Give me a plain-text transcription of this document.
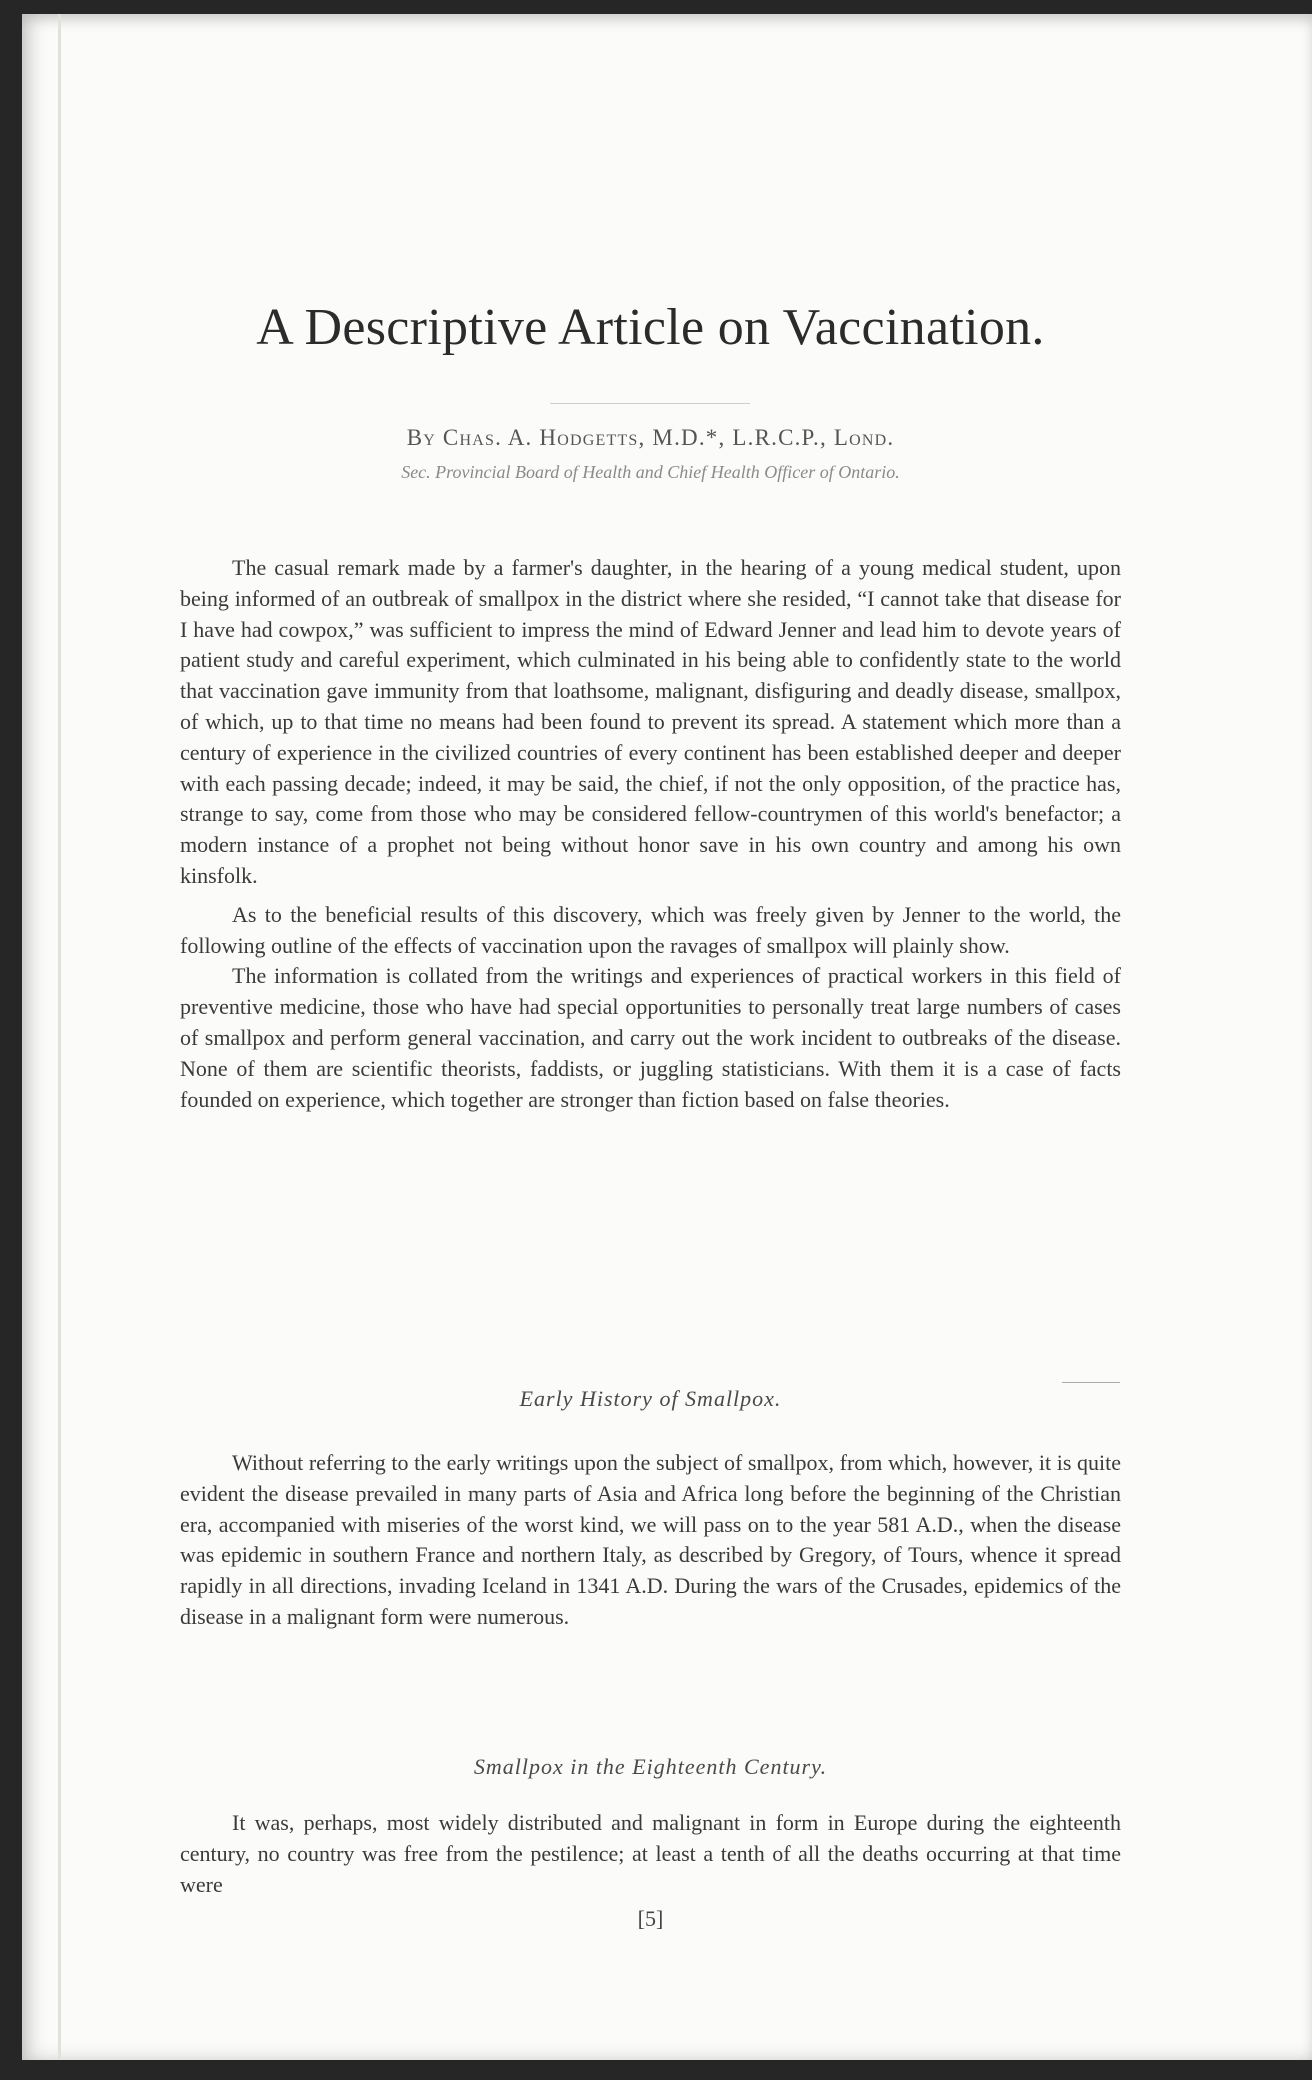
A Descriptive Article on Vaccination.
By Chas. A. Hodgetts, M.D.*, L.R.C.P., Lond.
Sec. Provincial Board of Health and Chief Health Officer of Ontario.

The casual remark made by a farmer's daughter, in the hearing of a young medical student, upon being informed of an outbreak of smallpox in the district where she resided, “I cannot take that disease for I have had cowpox,” was sufficient to impress the mind of Edward Jenner and lead him to devote years of patient study and careful experiment, which culminated in his being able to confidently state to the world that vaccination gave immunity from that loathsome, malignant, disfiguring and deadly disease, smallpox, of which, up to that time no means had been found to prevent its spread. A statement which more than a century of experience in the civilized countries of every continent has been established deeper and deeper with each passing decade; indeed, it may be said, the chief, if not the only opposition, of the practice has, strange to say, come from those who may be considered fellow-countrymen of this world's benefactor; a modern instance of a prophet not being without honor save in his own country and among his own kinsfolk.

As to the beneficial results of this discovery, which was freely given by Jenner to the world, the following outline of the effects of vaccination upon the ravages of smallpox will plainly show.

The information is collated from the writings and experiences of practical workers in this field of preventive medicine, those who have had special opportunities to personally treat large numbers of cases of smallpox and perform general vaccination, and carry out the work incident to outbreaks of the disease. None of them are scientific theorists, faddists, or juggling statisticians. With them it is a case of facts founded on experience, which together are stronger than fiction based on false theories.

Early History of Smallpox.

Without referring to the early writings upon the subject of smallpox, from which, however, it is quite evident the disease prevailed in many parts of Asia and Africa long before the beginning of the Christian era, accompanied with miseries of the worst kind, we will pass on to the year 581 A.D., when the disease was epidemic in southern France and northern Italy, as described by Gregory, of Tours, whence it spread rapidly in all directions, invading Iceland in 1341 A.D. During the wars of the Crusades, epidemics of the disease in a malignant form were numerous.

Smallpox in the Eighteenth Century.

It was, perhaps, most widely distributed and malignant in form in Europe during the eighteenth century, no country was free from the pestilence; at least a tenth of all the deaths occurring at that time were

[5]
